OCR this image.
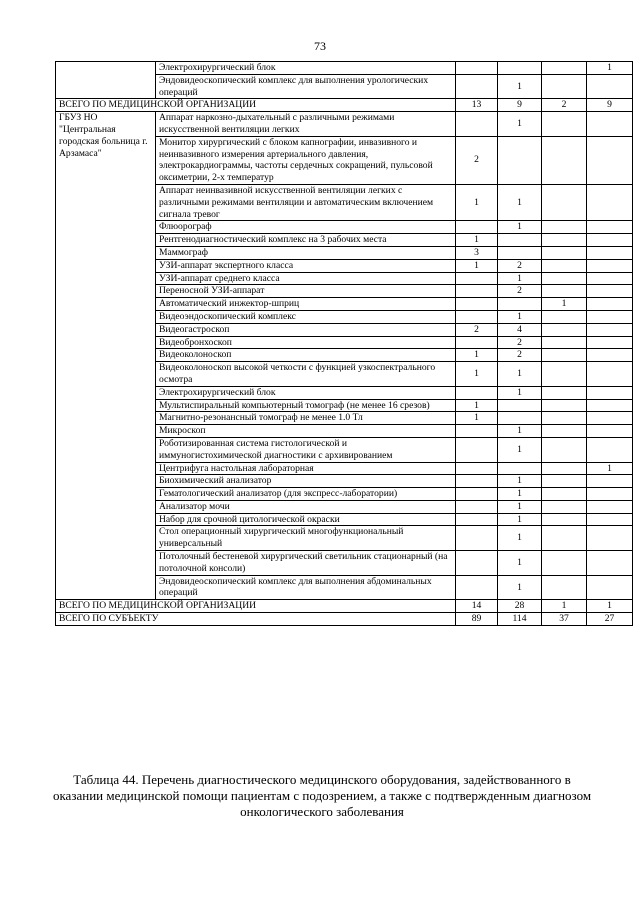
73
	Электрохирургический блок				1
	Эндовидеоскопический комплекс для выполнения урологических операций		1		
ВСЕГО ПО МЕДИЦИНСКОЙ ОРГАНИЗАЦИИ		13	9	2	9
ГБУЗ НО "Центральная городская больница г. Арзамаса"	Аппарат наркозно-дыхательный с различными режимами искусственной вентиляции легких		1		
	Монитор хирургический с блоком капнографии, инвазивного и неинвазивного измерения артериального давления, электрокардиограммы, частоты сердечных сокращений, пульсовой оксиметрии, 2-х температур	2			
	Аппарат неинвазивной искусственной вентиляции легких с различными режимами вентиляции и автоматическим включением сигнала тревог	1	1		
	Флюорограф		1		
	Рентгенодиагностический комплекс на 3 рабочих места	1			
	Маммограф	3			
	УЗИ-аппарат экспертного класса	1	2		
	УЗИ-аппарат среднего класса		1		
	Переносной УЗИ-аппарат		2		
	Автоматический инжектор-шприц			1	
	Видеоэндоскопический комплекс		1		
	Видеогастроскоп	2	4		
	Видеобронхоскоп		2		
	Видеоколоноскоп	1	2		
	Видеоколоноскоп высокой четкости с функцией узкоспектрального осмотра	1	1		
	Электрохирургический блок		1		
	Мультиспиральный компьютерный томограф (не менее 16 срезов)	1			
	Магнитно-резонансный томограф не менее 1.0 Тл	1			
	Микроскоп		1		
	Роботизированная система гистологической и иммуногистохимической диагностики с архивированием		1		
	Центрифуга настольная лабораторная				1
	Биохимический анализатор		1		
	Гематологический анализатор (для экспресс-лаборатории)		1		
	Анализатор мочи		1		
	Набор для срочной цитологической окраски		1		
	Стол операционный хирургический многофункциональный универсальный		1		
	Потолочный бестеневой хирургический светильник стационарный (на потолочной консоли)		1		
	Эндовидеоскопический комплекс для выполнения абдоминальных операций		1		
ВСЕГО ПО МЕДИЦИНСКОЙ ОРГАНИЗАЦИИ		14	28	1	1
ВСЕГО ПО СУБЪЕКТУ		89	114	37	27
Таблица 44. Перечень диагностического медицинского оборудования, задействованного в оказании медицинской помощи пациентам с подозрением, а также с подтвержденным диагнозом онкологического заболевания
